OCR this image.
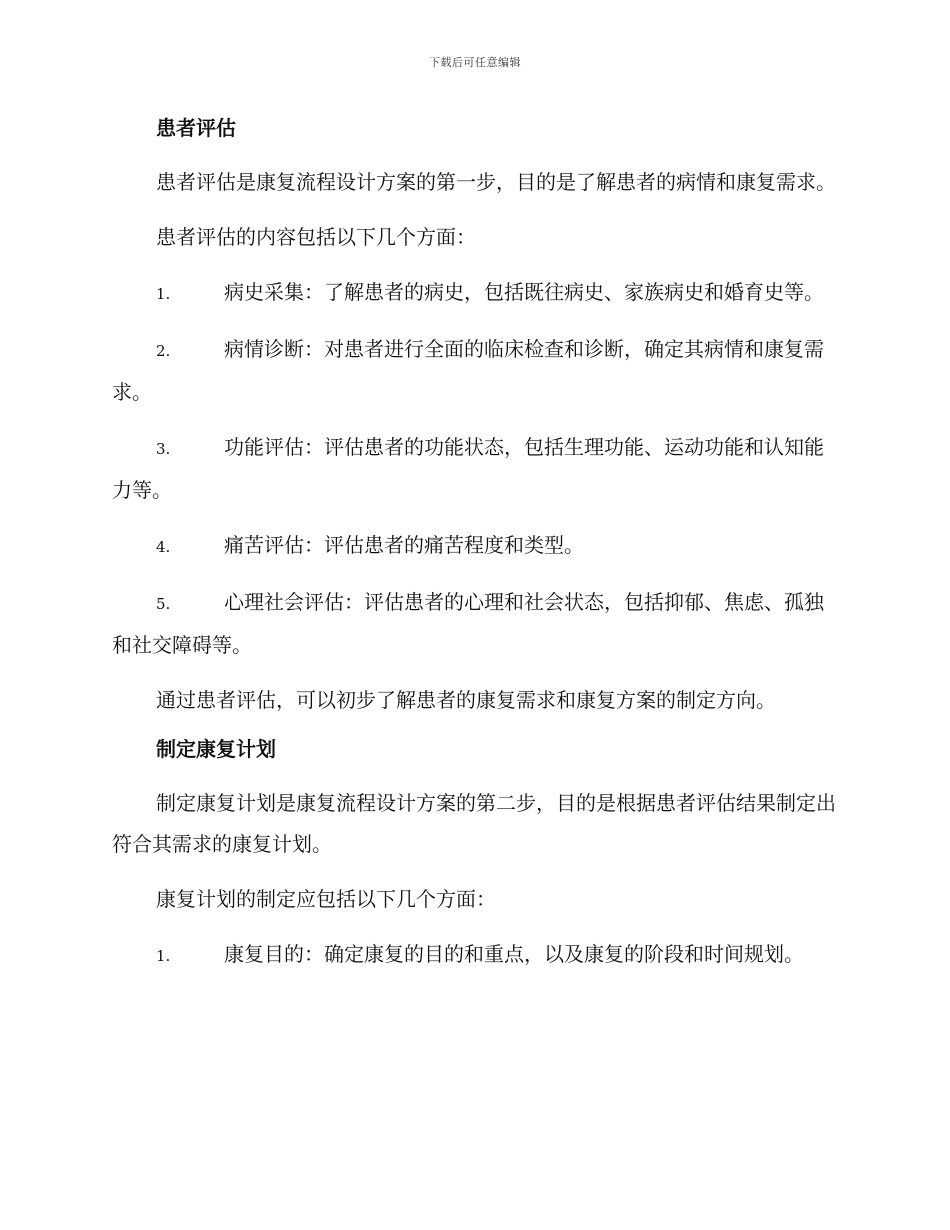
下载后可任意编辑
患者评估

患者评估是康复流程设计方案的第一步，目的是了解患者的病情和康复需求。

患者评估的内容包括以下几个方面：

1.	病史采集：了解患者的病史，包括既往病史、家族病史和婚育史等。

2.	病情诊断：对患者进行全面的临床检查和诊断，确定其病情和康复需求。

3.	功能评估：评估患者的功能状态，包括生理功能、运动功能和认知能力等。

4.	痛苦评估：评估患者的痛苦程度和类型。

5.	心理社会评估：评估患者的心理和社会状态，包括抑郁、焦虑、孤独和社交障碍等。

通过患者评估，可以初步了解患者的康复需求和康复方案的制定方向。

制定康复计划

制定康复计划是康复流程设计方案的第二步，目的是根据患者评估结果制定出符合其需求的康复计划。

康复计划的制定应包括以下几个方面：

1.	康复目的：确定康复的目的和重点，以及康复的阶段和时间规划。
